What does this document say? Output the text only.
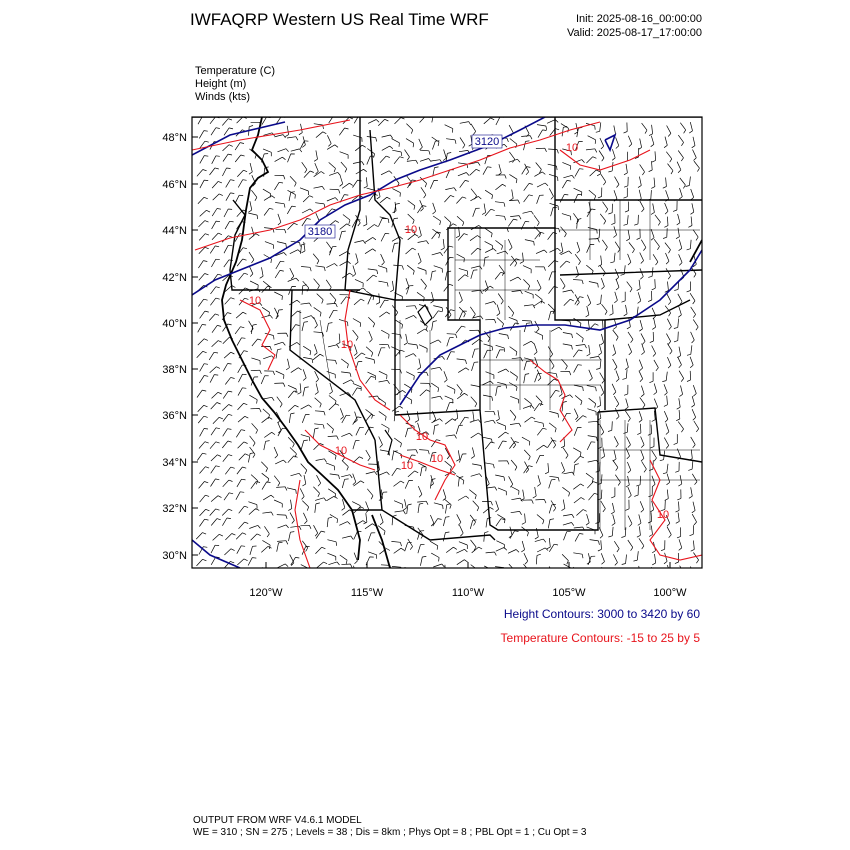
IWFAQRP Western US Real Time WRF	Init: 2025-08-16_00:00:00
Valid: 2025-08-17_17:00:00
Temperature (C)
Height (m)
Winds (kts)
3120
3180
10
10
10
10
10
10
10
10
10
48°N
46°N
44°N
42°N
40°N
38°N
36°N
34°N
32°N
30°N
120°W	115°W	110°W	105°W	100°W
Height Contours: 3000 to 3420 by 60
Temperature Contours: -15 to 25 by 5
OUTPUT FROM WRF V4.6.1 MODEL
WE = 310 ; SN = 275 ; Levels = 38 ; Dis = 8km ; Phys Opt = 8 ; PBL Opt = 1 ; Cu Opt = 3
